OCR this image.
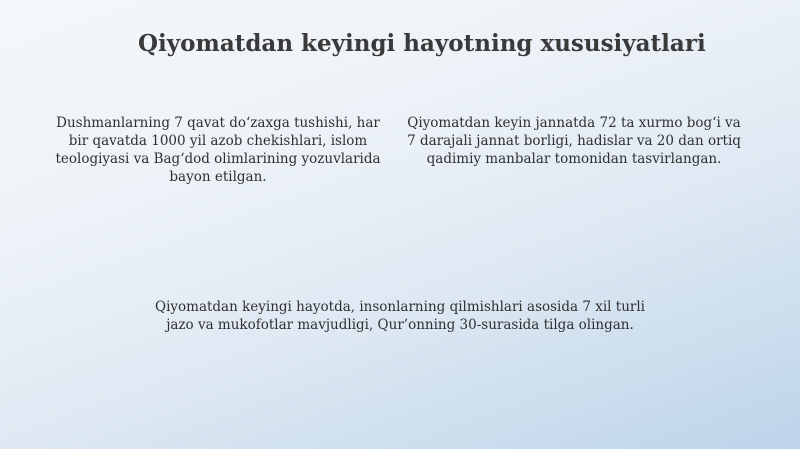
Qiyomatdan keyingi hayotning xususiyatlari
Dushmanlarning 7 qavat do‘zaxga tushishi, har bir qavatda 1000 yil azob chekishlari, islom teologiyasi va Bag‘dod olimlarining yozuvlarida bayon etilgan.
Qiyomatdan keyin jannatda 72 ta xurmo bog‘i va 7 darajali jannat borligi, hadislar va 20 dan ortiq qadimiy manbalar tomonidan tasvirlangan.
Qiyomatdan keyingi hayotda, insonlarning qilmishlari asosida 7 xil turli jazo va mukofotlar mavjudligi, Qur’onning 30-surasida tilga olingan.
